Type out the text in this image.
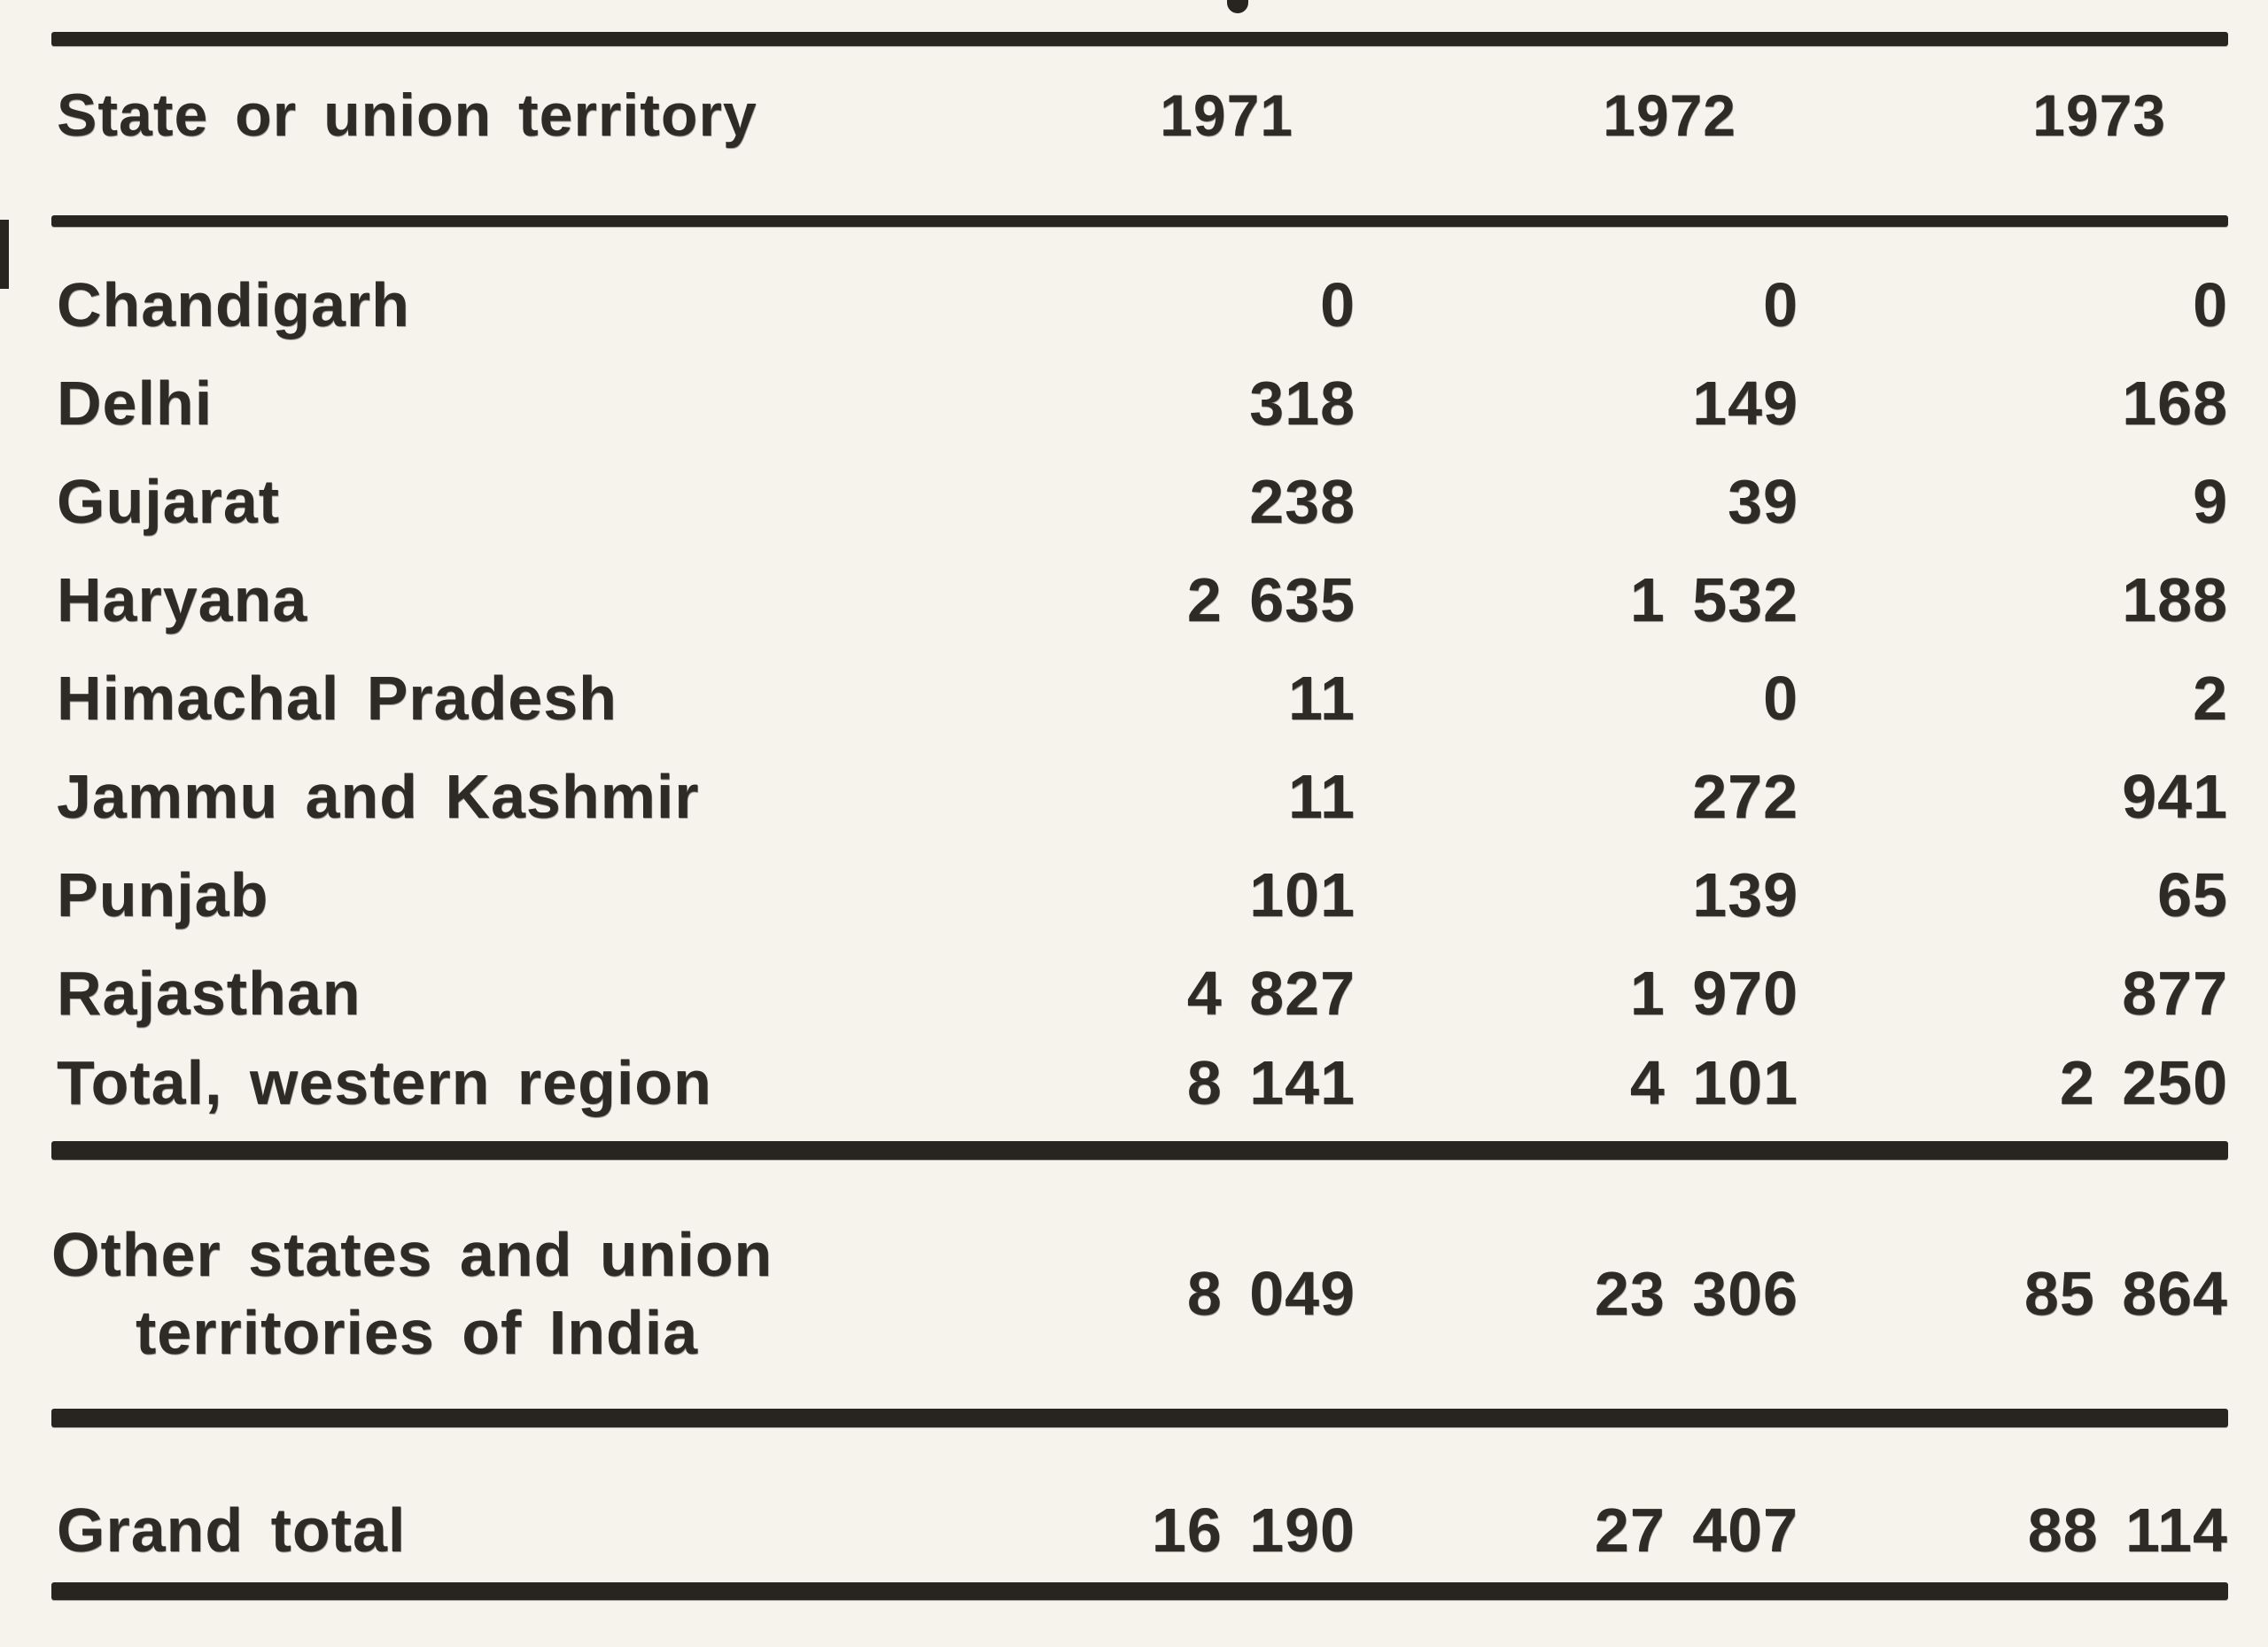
State or union territory	1971	1972	1973
Chandigarh	0	0	0
Delhi	318	149	168
Gujarat	238	39	9
Haryana	2 635	1 532	188
Himachal Pradesh	11	0	2
Jammu and Kashmir	11	272	941
Punjab	101	139	65
Rajasthan	4 827	1 970	877
Total, western region	8 141	4 101	2 250
Other states and union
territories of India
8 049	23 306	85 864
Grand total	16 190	27 407	88 114
